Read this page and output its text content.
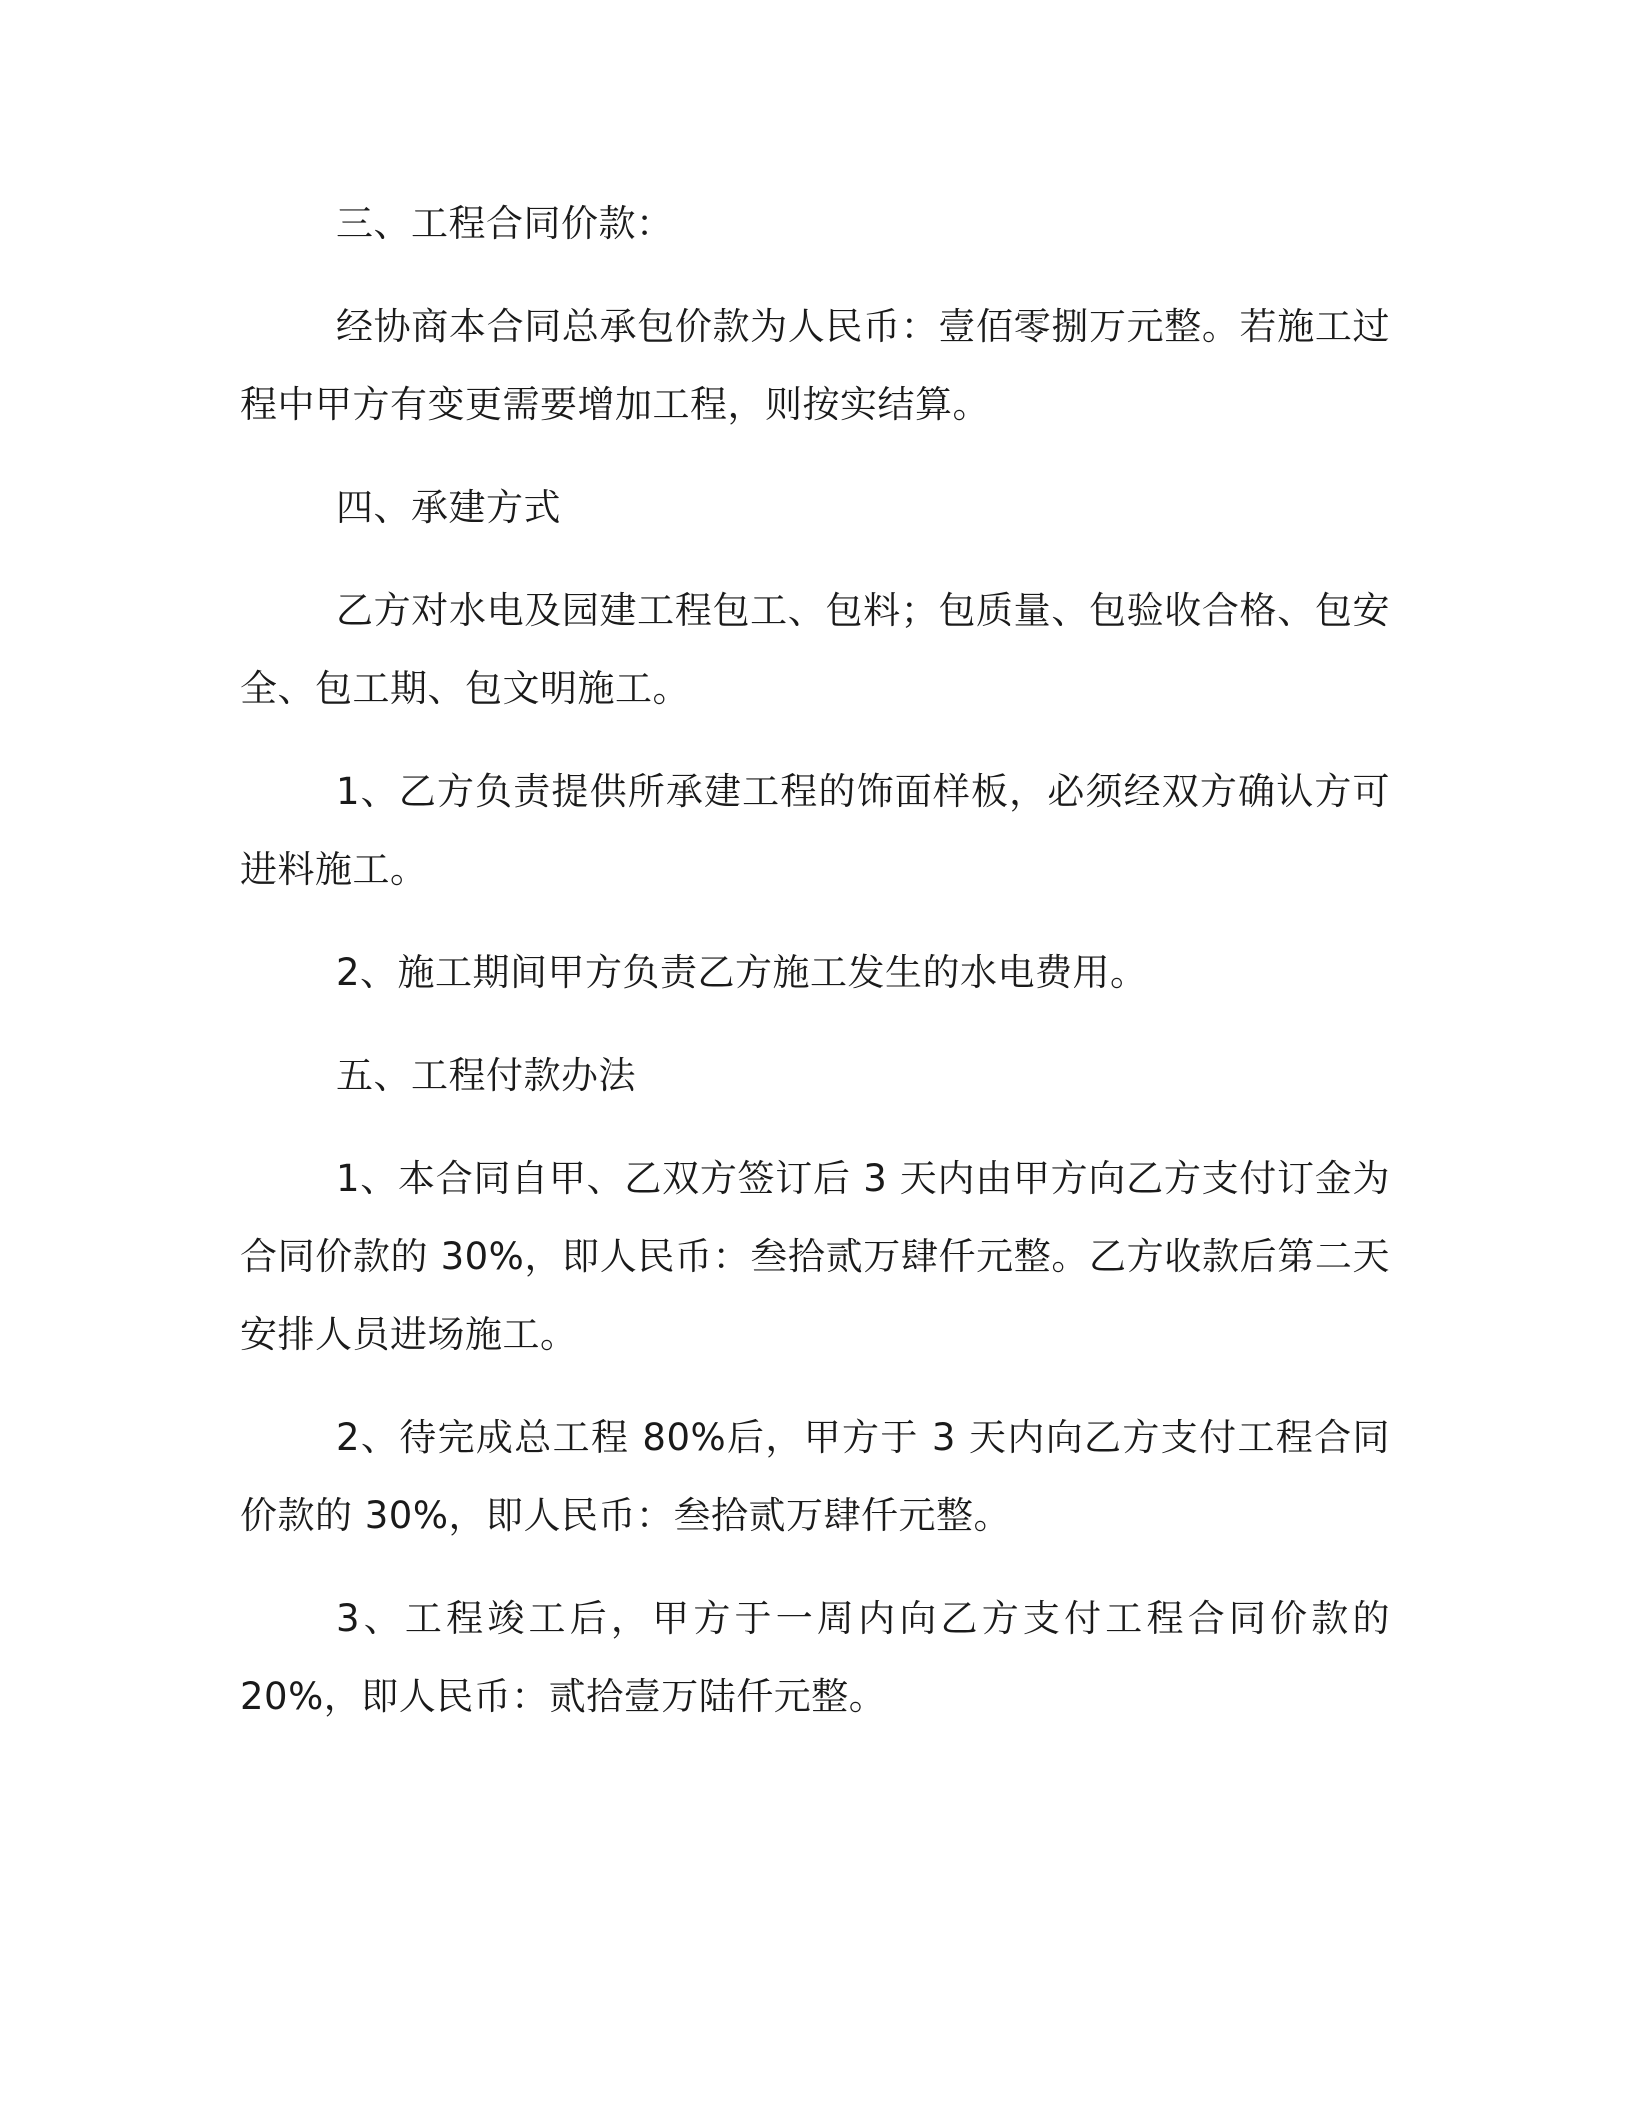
三、工程合同价款：

经协商本合同总承包价款为人民币：壹佰零捌万元整。若施工过程中甲方有变更需要增加工程，则按实结算。

四、承建方式

乙方对水电及园建工程包工、包料；包质量、包验收合格、包安全、包工期、包文明施工。

1、乙方负责提供所承建工程的饰面样板，必须经双方确认方可进料施工。

2、施工期间甲方负责乙方施工发生的水电费用。

五、工程付款办法

1、本合同自甲、乙双方签订后 3 天内由甲方向乙方支付订金为合同价款的 30%，即人民币：叁拾贰万肆仟元整。乙方收款后第二天安排人员进场施工。

2、待完成总工程 80%后，甲方于 3 天内向乙方支付工程合同价款的 30%，即人民币：叁拾贰万肆仟元整。

3、工程竣工后，甲方于一周内向乙方支付工程合同价款的 20%，即人民币：贰拾壹万陆仟元整。
